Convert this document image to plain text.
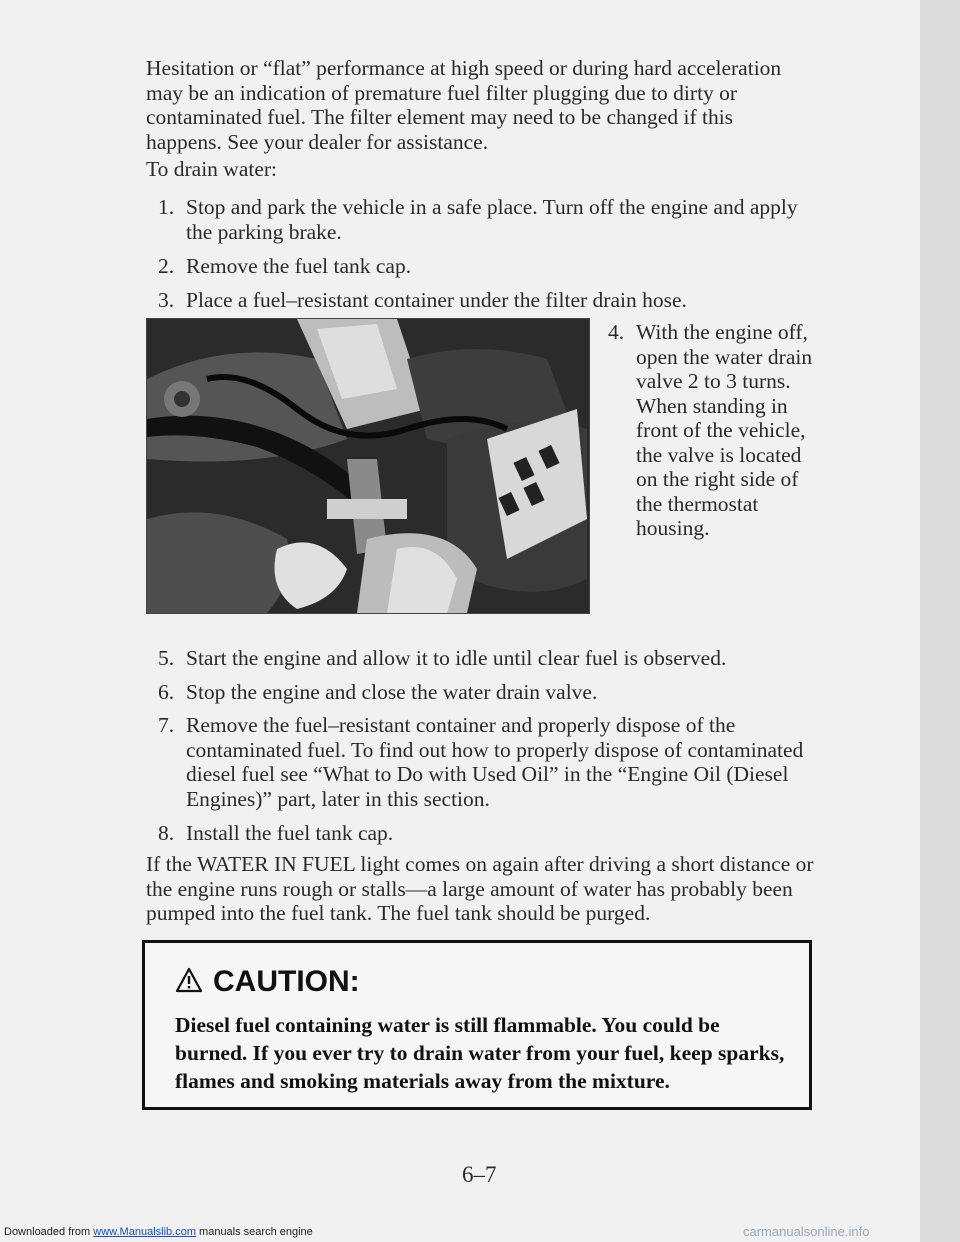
Hesitation or “flat” performance at high speed or during hard acceleration may be an indication of premature fuel filter plugging due to dirty or contaminated fuel. The filter element may need to be changed if this happens. See your dealer for assistance.

To drain water:

1. Stop and park the vehicle in a safe place. Turn off the engine and apply the parking brake.
2. Remove the fuel tank cap.
3. Place a fuel–resistant container under the filter drain hose.
4. With the engine off, open the water drain valve 2 to 3 turns. When standing in front of the vehicle, the valve is located on the right side of the thermostat housing.
5. Start the engine and allow it to idle until clear fuel is observed.
6. Stop the engine and close the water drain valve.
7. Remove the fuel–resistant container and properly dispose of the contaminated fuel. To find out how to properly dispose of contaminated diesel fuel see “What to Do with Used Oil” in the “Engine Oil (Diesel Engines)” part, later in this section.
8. Install the fuel tank cap.

If the WATER IN FUEL light comes on again after driving a short distance or the engine runs rough or stalls—a large amount of water has probably been pumped into the fuel tank. The fuel tank should be purged.

CAUTION:
Diesel fuel containing water is still flammable. You could be burned. If you ever try to drain water from your fuel, keep sparks, flames and smoking materials away from the mixture.
6–7
Downloaded from www.Manualslib.com manuals search engine	carmanualsonline.info
